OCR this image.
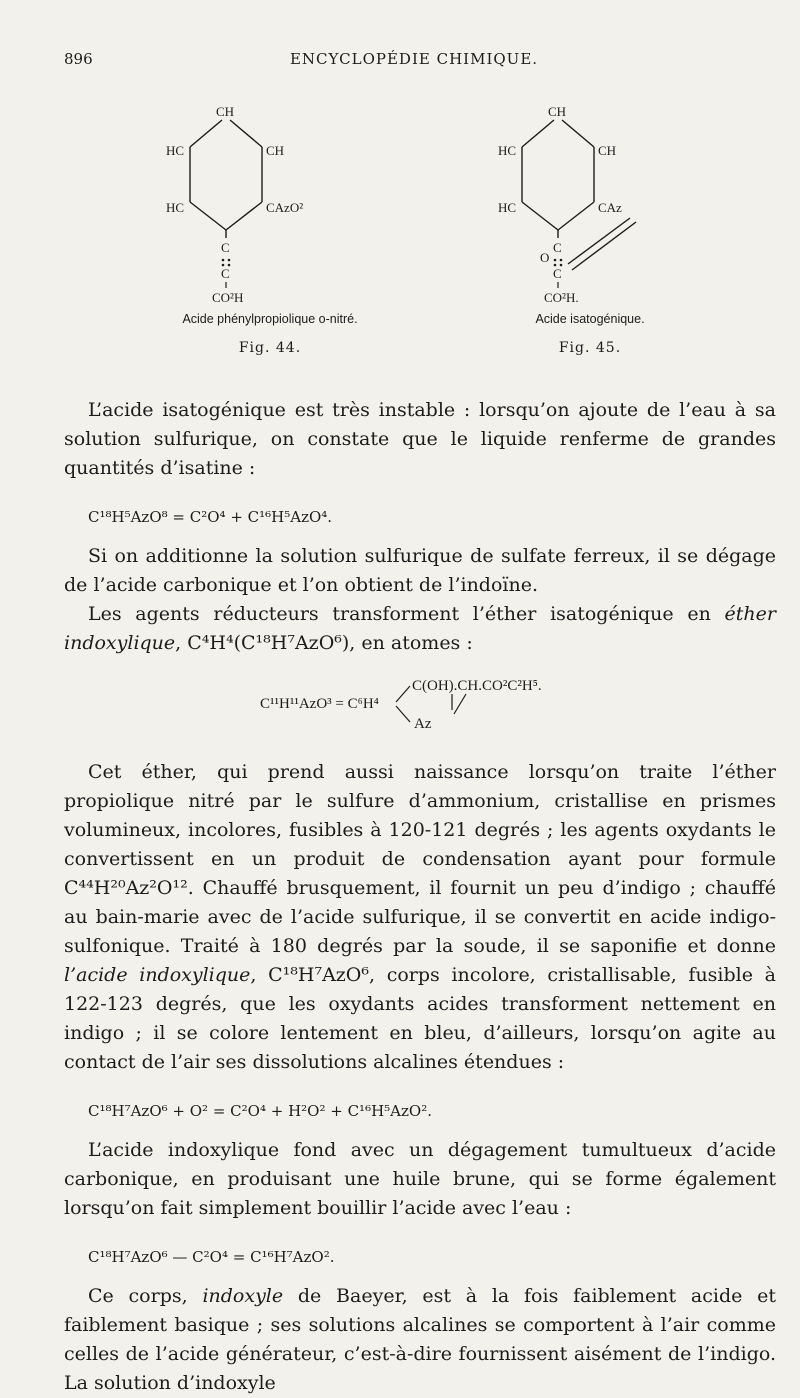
896	ENCYCLOPÉDIE CHIMIQUE.
CH
HC	CH
HC	CAzO²
C
C
CO²H
Acide phénylpropiolique o-nitré.
Fig. 44.
CH
HC	CH
HC	CAz
O
C
C
CO²H.
Acide isatogénique.
Fig. 45.

L’acide isatogénique est très instable : lorsqu’on ajoute de l’eau à sa solution sulfurique, on constate que le liquide renferme de grandes quantités d’isatine :

C¹⁸H⁵AzO⁸ = C²O⁴ + C¹⁶H⁵AzO⁴.

Si on additionne la solution sulfurique de sulfate ferreux, il se dégage de l’acide carbonique et l’on obtient de l’indoïne.

Les agents réducteurs transforment l’éther isatogénique en éther indoxylique, C⁴H⁴(C¹⁸H⁷AzO⁶), en atomes :

C¹¹H¹¹AzO³ = C⁶H⁴
C(OH).CH.CO²C²H⁵.
Az

Cet éther, qui prend aussi naissance lorsqu’on traite l’éther propiolique nitré par le sulfure d’ammonium, cristallise en prismes volumineux, incolores, fusibles à 120-121 degrés ; les agents oxydants le convertissent en un produit de condensation ayant pour formule C⁴⁴H²⁰Az²O¹². Chauffé brusquement, il fournit un peu d’indigo ; chauffé au bain-marie avec de l’acide sulfurique, il se convertit en acide indigo-sulfonique. Traité à 180 degrés par la soude, il se saponifie et donne l’acide indoxylique, C¹⁸H⁷AzO⁶, corps incolore, cristallisable, fusible à 122-123 degrés, que les oxydants acides transforment nettement en indigo ; il se colore lentement en bleu, d’ailleurs, lorsqu’on agite au contact de l’air ses dissolutions alcalines étendues :

C¹⁸H⁷AzO⁶ + O² = C²O⁴ + H²O² + C¹⁶H⁵AzO².

L’acide indoxylique fond avec un dégagement tumultueux d’acide carbonique, en produisant une huile brune, qui se forme également lorsqu’on fait simplement bouillir l’acide avec l’eau :

C¹⁸H⁷AzO⁶ — C²O⁴ = C¹⁶H⁷AzO².

Ce corps, indoxyle de Baeyer, est à la fois faiblement acide et faiblement basique ; ses solutions alcalines se comportent à l’air comme celles de l’acide générateur, c’est-à-dire fournissent aisément de l’indigo. La solution d’indoxyle
